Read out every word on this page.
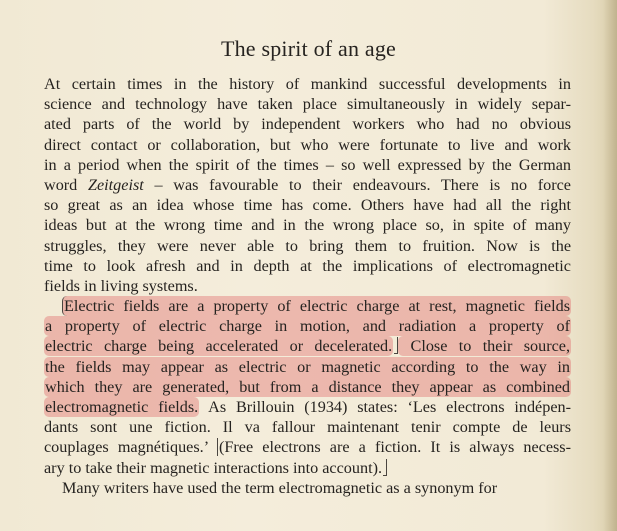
The spirit of an age
At certain times in the history of mankind successful developments in
science and technology have taken place simultaneously in widely separ-
ated parts of the world by independent workers who had no obvious
direct contact or collaboration, but who were fortunate to live and work
in a period when the spirit of the times – so well expressed by the German
word Zeitgeist – was favourable to their endeavours. There is no force
so great as an idea whose time has come. Others have had all the right
ideas but at the wrong time and in the wrong place so, in spite of many
struggles, they were never able to bring them to fruition. Now is the
time to look afresh and in depth at the implications of electromagnetic
fields in living systems.
Electric fields are a property of electric charge at rest, magnetic fields
a property of electric charge in motion, and radiation a property of
electric charge being accelerated or decelerated. Close to their source,
the fields may appear as electric or magnetic according to the way in
which they are generated, but from a distance they appear as combined
electromagnetic fields. As Brillouin (1934) states: ‘Les electrons indépen-
dants sont une fiction. Il va fallour maintenant tenir compte de leurs
couplages magnétiques.’ (Free electrons are a fiction. It is always necess-
ary to take their magnetic interactions into account).
Many writers have used the term electromagnetic as a synonym for
